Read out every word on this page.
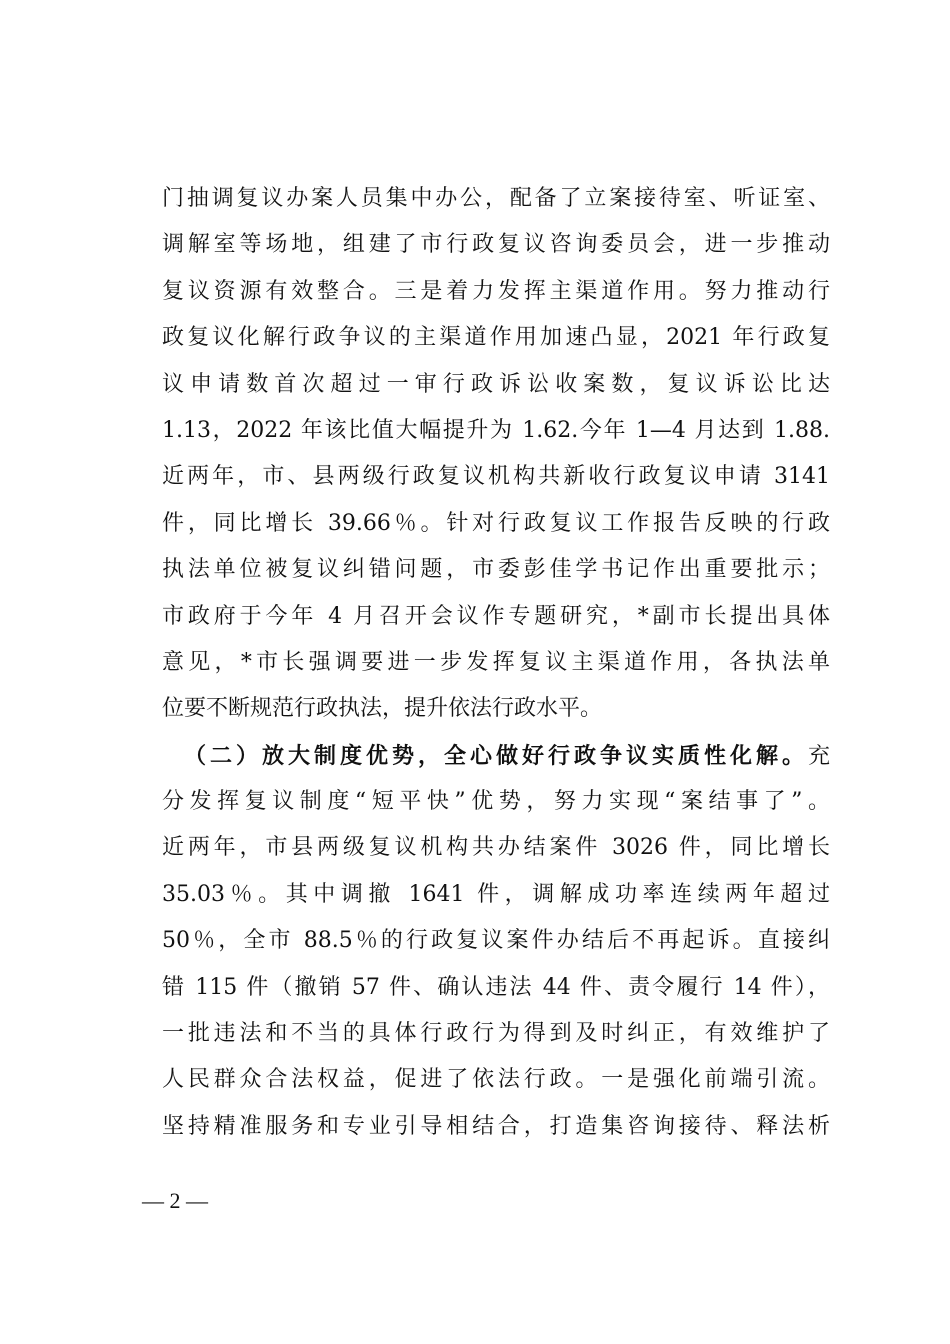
门抽调复议办案人员集中办公，配备了立案接待室、听证室、
调解室等场地，组建了市行政复议咨询委员会，进一步推动
复议资源有效整合。三是着力发挥主渠道作用。努力推动行
政复议化解行政争议的主渠道作用加速凸显，2021 年行政复
议申请数首次超过一审行政诉讼收案数，复议诉讼比达
1.13，2022 年该比值大幅提升为 1.62.今年 1—4 月达到 1.88.
近两年，市、县两级行政复议机构共新收行政复议申请 3141
件，同比增长 39.66％。针对行政复议工作报告反映的行政
执法单位被复议纠错问题，市委彭佳学书记作出重要批示；
市政府于今年 4 月召开会议作专题研究，*副市长提出具体
意见，*市长强调要进一步发挥复议主渠道作用，各执法单
位要不断规范行政执法，提升依法行政水平。
（二）放大制度优势，全心做好行政争议实质性化解。充
分发挥复议制度“短平快”优势，努力实现“案结事了”。
近两年，市县两级复议机构共办结案件 3026 件，同比增长
35.03％。其中调撤 1641 件，调解成功率连续两年超过
50％，全市 88.5％的行政复议案件办结后不再起诉。直接纠
错 115 件（撤销 57 件、确认违法 44 件、责令履行 14 件），
一批违法和不当的具体行政行为得到及时纠正，有效维护了
人民群众合法权益，促进了依法行政。一是强化前端引流。
坚持精准服务和专业引导相结合，打造集咨询接待、释法析
— 2 —
